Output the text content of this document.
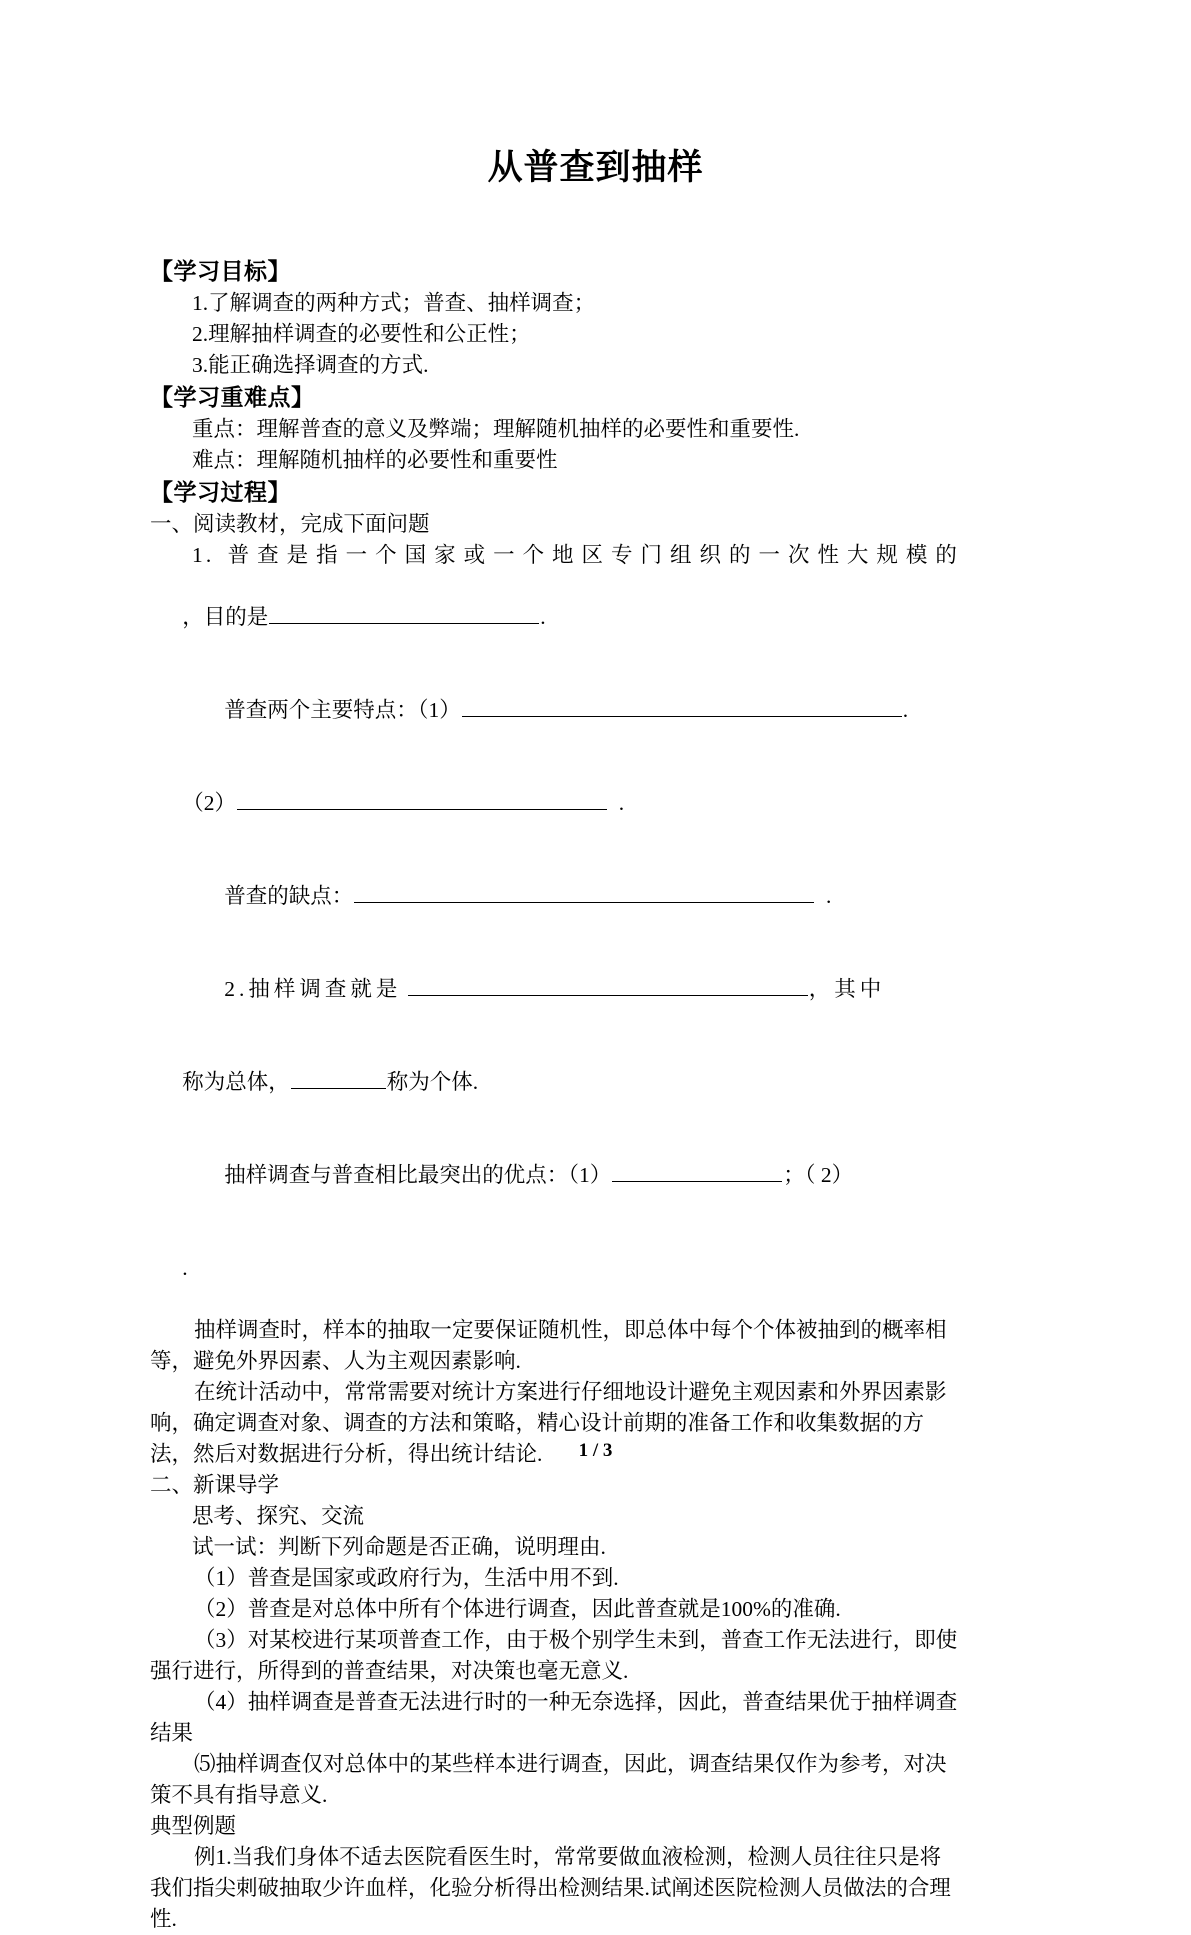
从普查到抽样
【学习目标】
1.了解调查的两种方式；普查、抽样调查；
2.理解抽样调查的必要性和公正性；
3.能正确选择调查的方式.
【学习重难点】
重点：理解普查的意义及弊端；理解随机抽样的必要性和重要性.
难点：理解随机抽样的必要性和重要性
【学习过程】
一、阅读教材，完成下面问题
1. 普查是指一个国家或一个地区专门组织的一次性大规模的

，目的是	.

普查两个主要特点：（1）	.

（2）	.

普查的缺点：	.

2.抽样调查就是	，其中

称为总体，	称为个体.

抽样调查与普查相比最突出的优点：（1）	；（ 2）

.

抽样调查时，样本的抽取一定要保证随机性，即总体中每个个体被抽到的概率相等，避免外界因素、人为主观因素影响.
在统计活动中，常常需要对统计方案进行仔细地设计避免主观因素和外界因素影响，确定调查对象、调查的方法和策略，精心设计前期的准备工作和收集数据的方法，然后对数据进行分析，得出统计结论.
二、新课导学
思考、探究、交流
试一试：判断下列命题是否正确，说明理由.
（1）普查是国家或政府行为，生活中用不到.
（2）普查是对总体中所有个体进行调查，因此普查就是100%的准确.
（3）对某校进行某项普查工作，由于极个别学生未到，普查工作无法进行，即使强行进行，所得到的普查结果，对决策也毫无意义.
（4）抽样调查是普查无法进行时的一种无奈选择，因此，普查结果优于抽样调查结果
⑸抽样调查仅对总体中的某些样本进行调查，因此，调查结果仅作为参考，对决策不具有指导意义.
典型例题
例1.当我们身体不适去医院看医生时，常常要做血液检测，检测人员往往只是将我们指尖刺破抽取少许血样，化验分析得出检测结果.试阐述医院检测人员做法的合理性.
1 / 3
